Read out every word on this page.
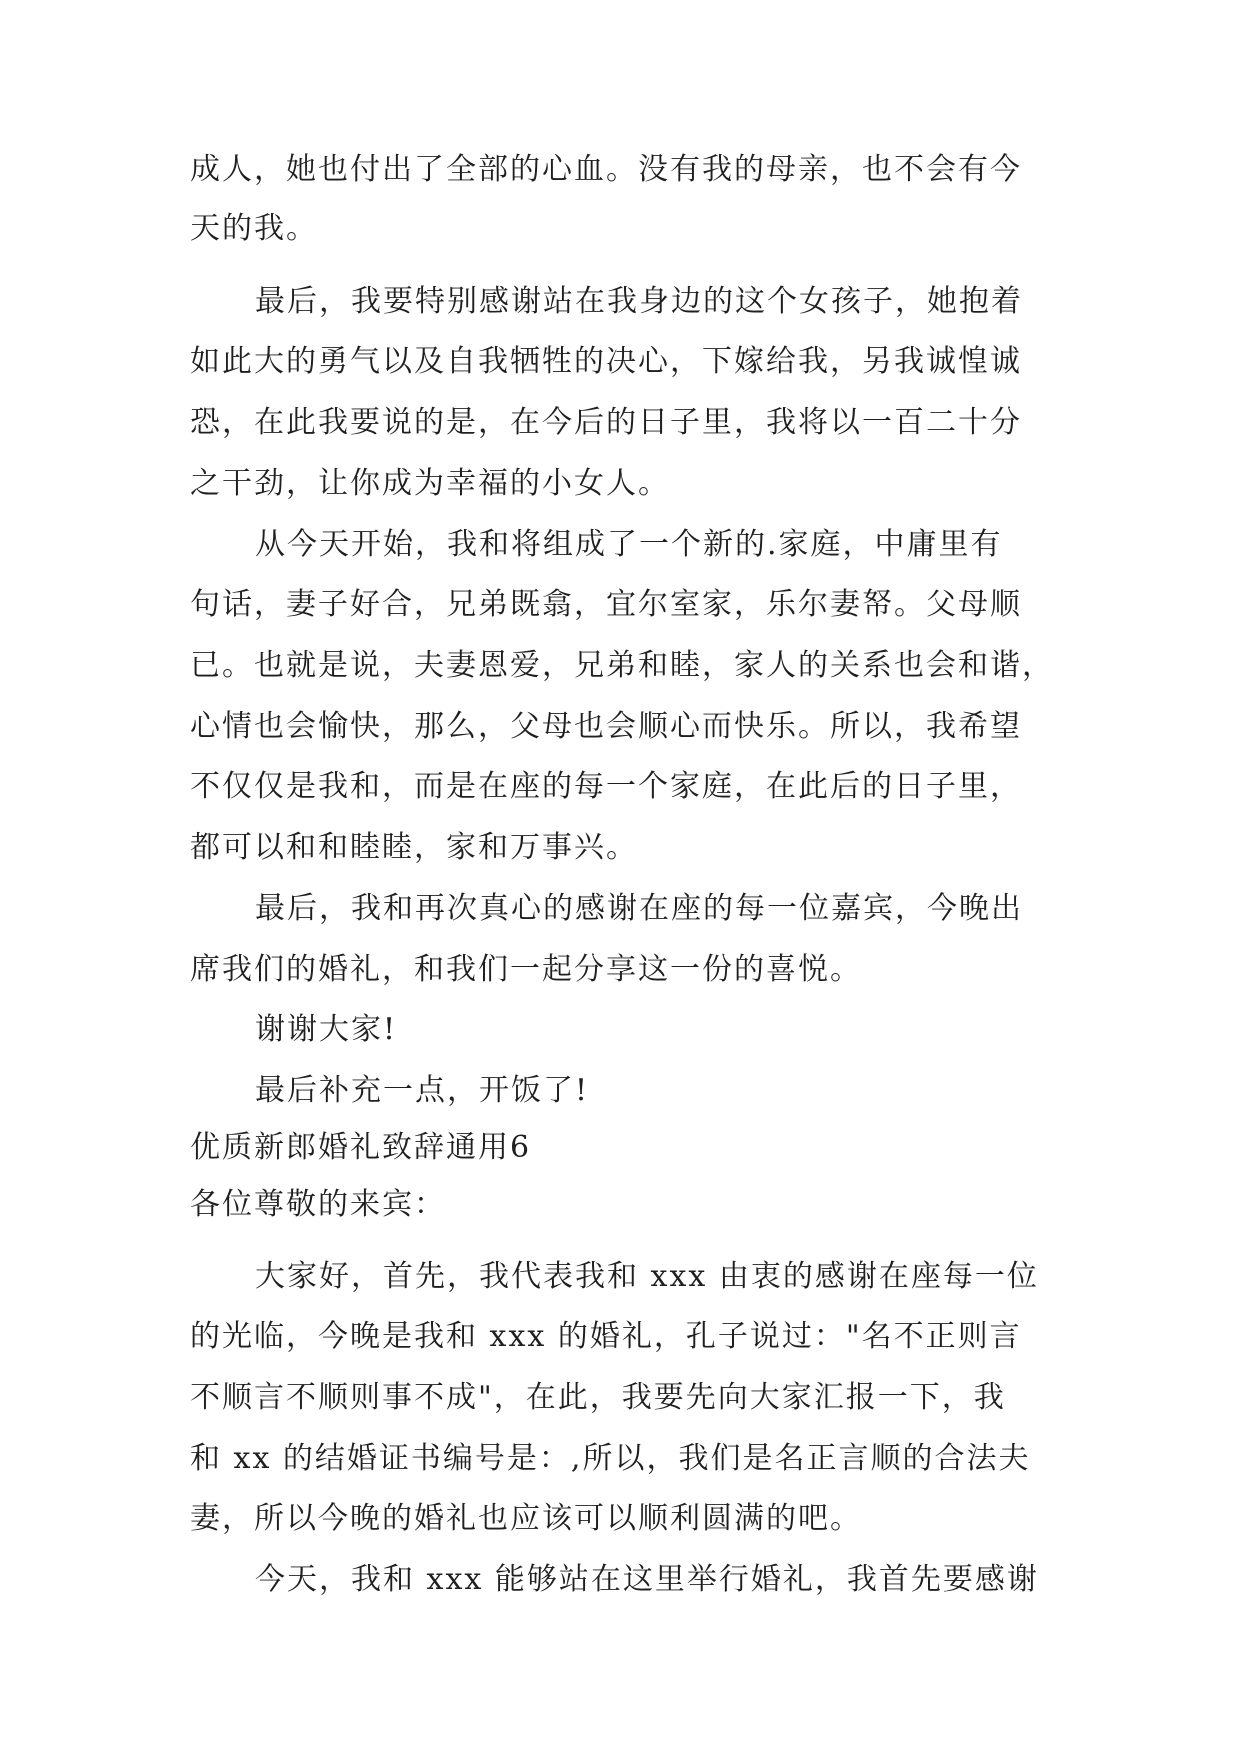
成人，她也付出了全部的心血。没有我的母亲，也不会有今
天的我。
最后，我要特别感谢站在我身边的这个女孩子，她抱着
如此大的勇气以及自我牺牲的决心，下嫁给我，另我诚惶诚
恐，在此我要说的是，在今后的日子里，我将以一百二十分
之干劲，让你成为幸福的小女人。
从今天开始，我和将组成了一个新的.家庭，中庸里有
句话，妻子好合，兄弟既翕，宜尔室家，乐尔妻帑。父母顺
已。也就是说，夫妻恩爱，兄弟和睦，家人的关系也会和谐，
心情也会愉快，那么，父母也会顺心而快乐。所以，我希望
不仅仅是我和，而是在座的每一个家庭，在此后的日子里，
都可以和和睦睦，家和万事兴。
最后，我和再次真心的感谢在座的每一位嘉宾，今晚出
席我们的婚礼，和我们一起分享这一份的喜悦。
谢谢大家!
最后补充一点，开饭了!
优质新郎婚礼致辞通用6
各位尊敬的来宾：
大家好，首先，我代表我和 xxx 由衷的感谢在座每一位
的光临，今晚是我和 xxx 的婚礼，孔子说过："名不正则言
不顺言不顺则事不成"，在此，我要先向大家汇报一下，我
和 xx 的结婚证书编号是：,所以，我们是名正言顺的合法夫
妻，所以今晚的婚礼也应该可以顺利圆满的吧。
今天，我和 xxx 能够站在这里举行婚礼，我首先要感谢
